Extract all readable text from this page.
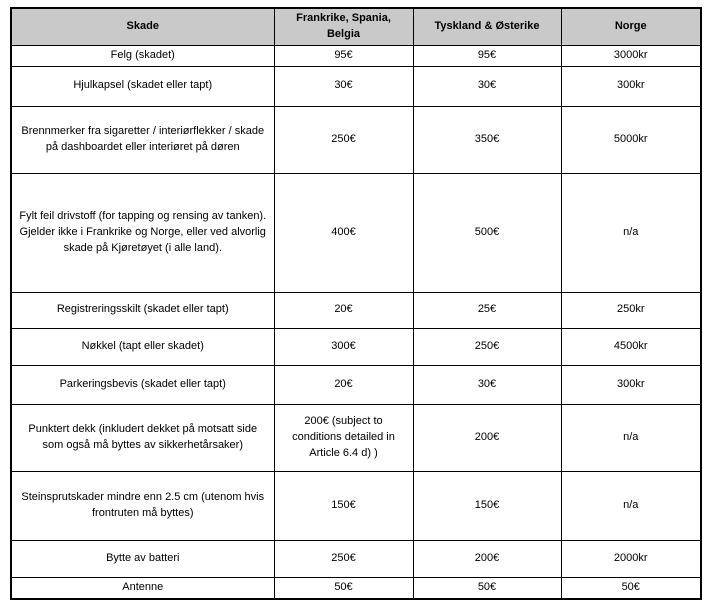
Skade	Frankrike, Spania, Belgia	Tyskland & Østerike	Norge
Felg (skadet)	95€	95€	3000kr
Hjulkapsel (skadet eller tapt)	30€	30€	300kr
Brennmerker fra sigaretter / interiørflekker / skade på dashboardet eller interiøret på døren	250€	350€	5000kr
Fylt feil drivstoff (for tapping og rensing av tanken). Gjelder ikke i Frankrike og Norge, eller ved alvorlig skade på Kjøretøyet (i alle land).	400€	500€	n/a
Registreringsskilt (skadet eller tapt)	20€	25€	250kr
Nøkkel (tapt eller skadet)	300€	250€	4500kr
Parkeringsbevis (skadet eller tapt)	20€	30€	300kr
Punktert dekk (inkludert dekket på motsatt side som også må byttes av sikkerhetårsaker)	200€ (subject to conditions detailed in Article 6.4 d) )	200€	n/a
Steinsprutskader mindre enn 2.5 cm (utenom hvis frontruten må byttes)	150€	150€	n/a
Bytte av batteri	250€	200€	2000kr
Antenne	50€	50€	50€
